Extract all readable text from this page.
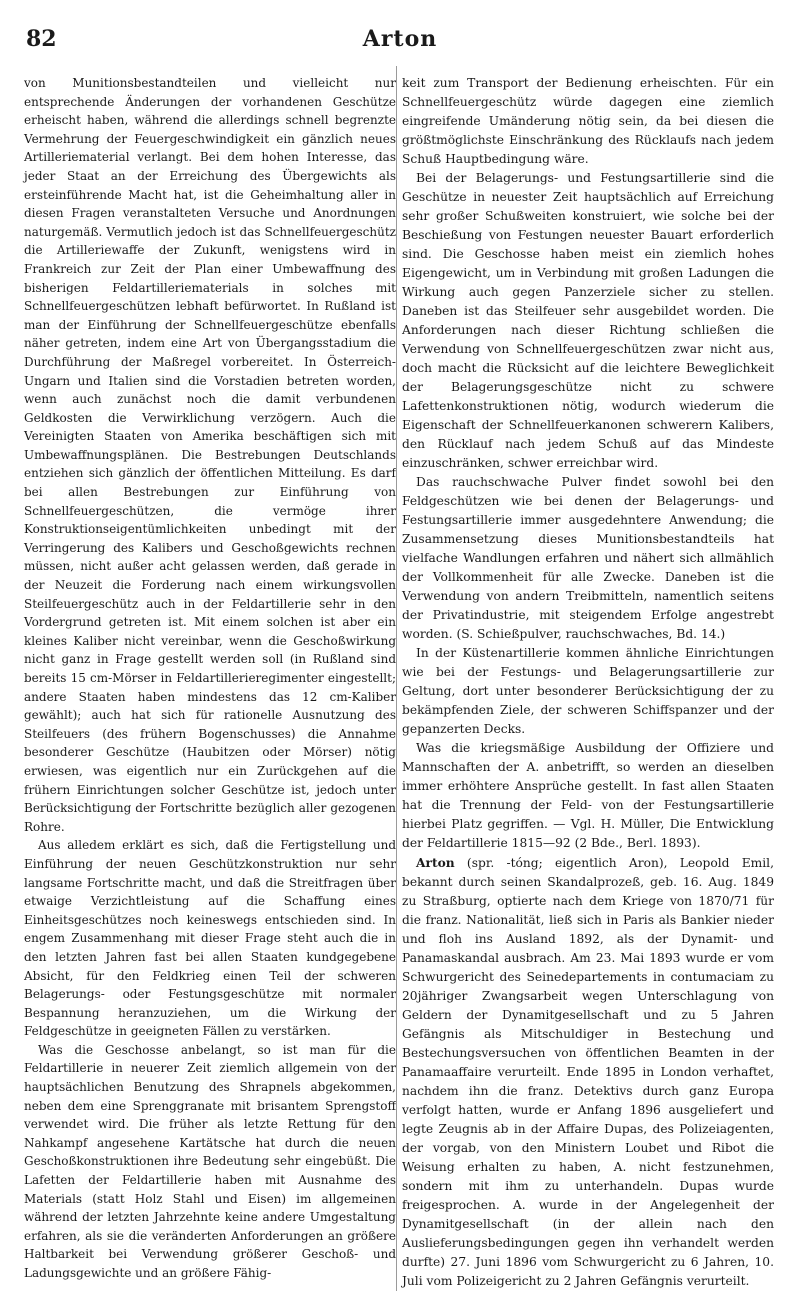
82	Arton

von Munitionsbestandteilen und vielleicht nur entsprechende Änderungen der vorhandenen Geschütze erheischt haben, während die allerdings schnell begrenzte Vermehrung der Feuergeschwindigkeit ein gänzlich neues Artilleriematerial verlangt. Bei dem hohen Interesse, das jeder Staat an der Erreichung des Übergewichts als ersteinführende Macht hat, ist die Geheimhaltung aller in diesen Fragen veranstalteten Versuche und Anordnungen naturgemäß. Vermutlich jedoch ist das Schnellfeuergeschütz die Artilleriewaffe der Zukunft, wenigstens wird in Frankreich zur Zeit der Plan einer Umbewaffnung des bisherigen Feldartilleriematerials in solches mit Schnellfeuergeschützen lebhaft befürwortet. In Rußland ist man der Einführung der Schnellfeuergeschütze ebenfalls näher getreten, indem eine Art von Übergangsstadium die Durchführung der Maßregel vorbereitet. In Österreich-Ungarn und Italien sind die Vorstadien betreten worden, wenn auch zunächst noch die damit verbundenen Geldkosten die Verwirklichung verzögern. Auch die Vereinigten Staaten von Amerika beschäftigen sich mit Umbewaffnungsplänen. Die Bestrebungen Deutschlands entziehen sich gänzlich der öffentlichen Mitteilung. Es darf bei allen Bestrebungen zur Einführung von Schnellfeuergeschützen, die vermöge ihrer Konstruktionseigentümlichkeiten unbedingt mit der Verringerung des Kalibers und Geschoßgewichts rechnen müssen, nicht außer acht gelassen werden, daß gerade in der Neuzeit die Forderung nach einem wirkungsvollen Steilfeuergeschütz auch in der Feldartillerie sehr in den Vordergrund getreten ist. Mit einem solchen ist aber ein kleines Kaliber nicht vereinbar, wenn die Geschoßwirkung nicht ganz in Frage gestellt werden soll (in Rußland sind bereits 15 cm-Mörser in Feldartillerieregimenter eingestellt; andere Staaten haben mindestens das 12 cm-Kaliber gewählt); auch hat sich für rationelle Ausnutzung des Steilfeuers (des frühern Bogenschusses) die Annahme besonderer Geschütze (Haubitzen oder Mörser) nötig erwiesen, was eigentlich nur ein Zurückgehen auf die frühern Einrichtungen solcher Geschütze ist, jedoch unter Berücksichtigung der Fortschritte bezüglich aller gezogenen Rohre.

Aus alledem erklärt es sich, daß die Fertigstellung und Einführung der neuen Geschützkonstruktion nur sehr langsame Fortschritte macht, und daß die Streitfragen über etwaige Verzichtleistung auf die Schaffung eines Einheitsgeschützes noch keineswegs entschieden sind. In engem Zusammenhang mit dieser Frage steht auch die in den letzten Jahren fast bei allen Staaten kundgegebene Absicht, für den Feldkrieg einen Teil der schweren Belagerungs- oder Festungsgeschütze mit normaler Bespannung heranzuziehen, um die Wirkung der Feldgeschütze in geeigneten Fällen zu verstärken.

Was die Geschosse anbelangt, so ist man für die Feldartillerie in neuerer Zeit ziemlich allgemein von der hauptsächlichen Benutzung des Shrapnels abgekommen, neben dem eine Sprenggranate mit brisantem Sprengstoff verwendet wird. Die früher als letzte Rettung für den Nahkampf angesehene Kartätsche hat durch die neuen Geschoßkonstruktionen ihre Bedeutung sehr eingebüßt. Die Lafetten der Feldartillerie haben mit Ausnahme des Materials (statt Holz Stahl und Eisen) im allgemeinen während der letzten Jahrzehnte keine andere Umgestaltung erfahren, als sie die veränderten Anforderungen an größere Haltbarkeit bei Verwendung größerer Geschoß- und Ladungsgewichte und an größere Fähig-

keit zum Transport der Bedienung erheischten. Für ein Schnellfeuergeschütz würde dagegen eine ziemlich eingreifende Umänderung nötig sein, da bei diesen die größtmöglichste Einschränkung des Rücklaufs nach jedem Schuß Hauptbedingung wäre.

Bei der Belagerungs- und Festungsartillerie sind die Geschütze in neuester Zeit hauptsächlich auf Erreichung sehr großer Schußweiten konstruiert, wie solche bei der Beschießung von Festungen neuester Bauart erforderlich sind. Die Geschosse haben meist ein ziemlich hohes Eigengewicht, um in Verbindung mit großen Ladungen die Wirkung auch gegen Panzerziele sicher zu stellen. Daneben ist das Steilfeuer sehr ausgebildet worden. Die Anforderungen nach dieser Richtung schließen die Verwendung von Schnellfeuergeschützen zwar nicht aus, doch macht die Rücksicht auf die leichtere Beweglichkeit der Belagerungsgeschütze nicht zu schwere Lafettenkonstruktionen nötig, wodurch wiederum die Eigenschaft der Schnellfeuerkanonen schwerern Kalibers, den Rücklauf nach jedem Schuß auf das Mindeste einzuschränken, schwer erreichbar wird.

Das rauchschwache Pulver findet sowohl bei den Feldgeschützen wie bei denen der Belagerungs- und Festungsartillerie immer ausgedehntere Anwendung; die Zusammensetzung dieses Munitionsbestandteils hat vielfache Wandlungen erfahren und nähert sich allmählich der Vollkommenheit für alle Zwecke. Daneben ist die Verwendung von andern Treibmitteln, namentlich seitens der Privatindustrie, mit steigendem Erfolge angestrebt worden. (S. Schießpulver, rauchschwaches, Bd. 14.)

In der Küstenartillerie kommen ähnliche Einrichtungen wie bei der Festungs- und Belagerungsartillerie zur Geltung, dort unter besonderer Berücksichtigung der zu bekämpfenden Ziele, der schweren Schiffspanzer und der gepanzerten Decks.

Was die kriegsmäßige Ausbildung der Offiziere und Mannschaften der A. anbetrifft, so werden an dieselben immer erhöhtere Ansprüche gestellt. In fast allen Staaten hat die Trennung der Feld- von der Festungsartillerie hierbei Platz gegriffen. — Vgl. H. Müller, Die Entwicklung der Feldartillerie 1815—92 (2 Bde., Berl. 1893).

Arton (spr. -tóng; eigentlich Aron), Leopold Emil, bekannt durch seinen Skandalprozeß, geb. 16. Aug. 1849 zu Straßburg, optierte nach dem Kriege von 1870/71 für die franz. Nationalität, ließ sich in Paris als Bankier nieder und floh ins Ausland 1892, als der Dynamit- und Panamaskandal ausbrach. Am 23. Mai 1893 wurde er vom Schwurgericht des Seinedepartements in contumaciam zu 20jähriger Zwangsarbeit wegen Unterschlagung von Geldern der Dynamitgesellschaft und zu 5 Jahren Gefängnis als Mitschuldiger in Bestechung und Bestechungsversuchen von öffentlichen Beamten in der Panamaaffaire verurteilt. Ende 1895 in London verhaftet, nachdem ihn die franz. Detektivs durch ganz Europa verfolgt hatten, wurde er Anfang 1896 ausgeliefert und legte Zeugnis ab in der Affaire Dupas, des Polizeiagenten, der vorgab, von den Ministern Loubet und Ribot die Weisung erhalten zu haben, A. nicht festzunehmen, sondern mit ihm zu unterhandeln. Dupas wurde freigesprochen. A. wurde in der Angelegenheit der Dynamitgesellschaft (in der allein nach den Auslieferungsbedingungen gegen ihn verhandelt werden durfte) 27. Juni 1896 vom Schwurgericht zu 6 Jahren, 10. Juli vom Polizeigericht zu 2 Jahren Gefängnis verurteilt.
